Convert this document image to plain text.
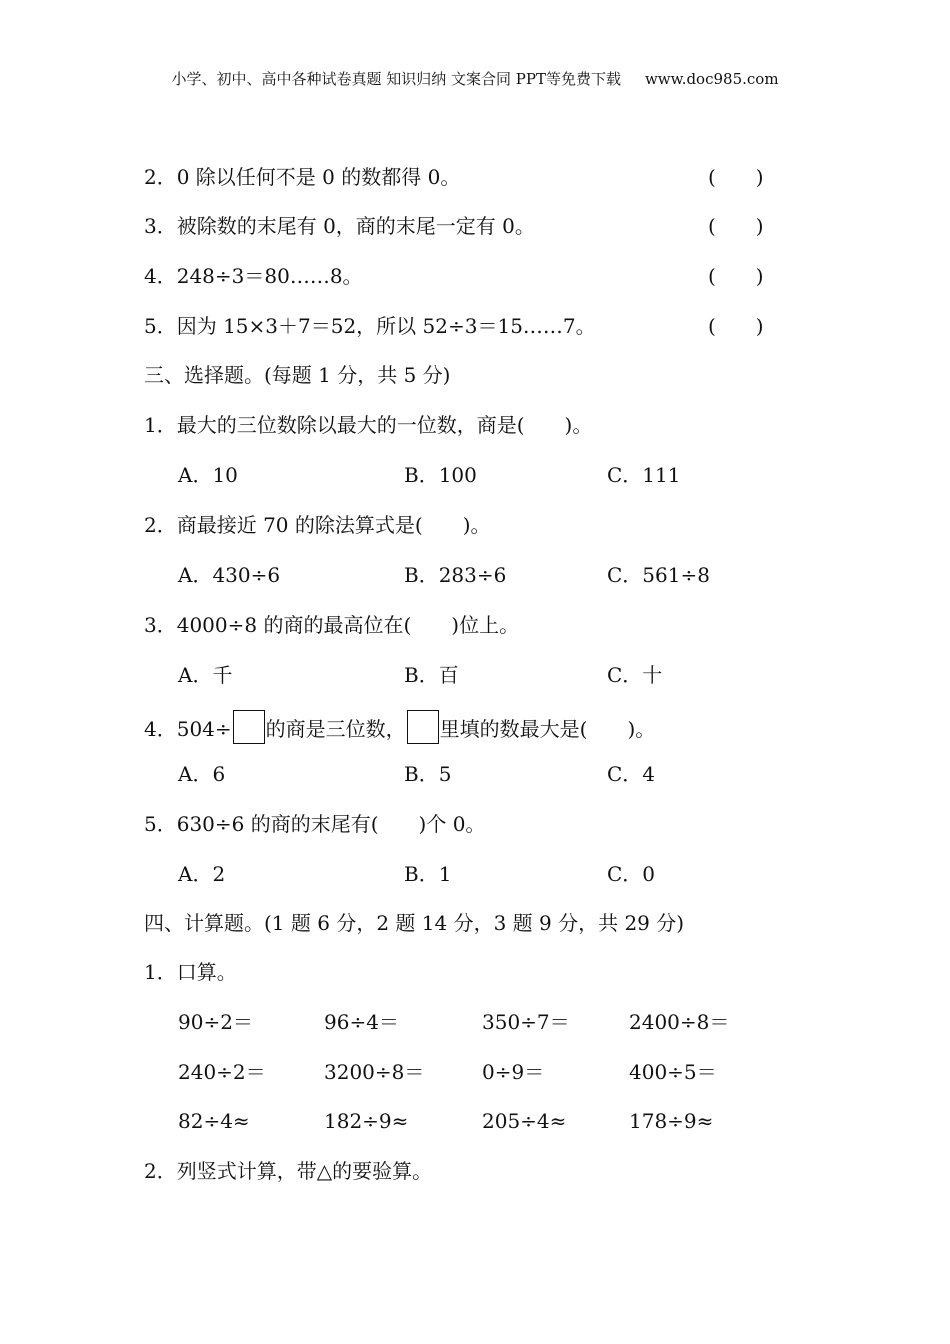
小学、初中、高中各种试卷真题 知识归纳 文案合同 PPT等免费下载 www.doc985.com
2．0 除以任何不是 0 的数都得 0。	(　　)
3．被除数的末尾有 0，商的末尾一定有 0。	(　　)
4．248÷3＝80……8。	(　　)
5．因为 15×3＋7＝52，所以 52÷3＝15……7。	(　　)
三、选择题。(每题 1 分，共 5 分)
1．最大的三位数除以最大的一位数，商是(　　)。
A．10	B．100	C．111
2．商最接近 70 的除法算式是(　　)。
A．430÷6	B．283÷6	C．561÷8
3．4000÷8 的商的最高位在(　　)位上。
A．千	B．百	C．十
4．504÷ 的商是三位数， 里填的数最大是(　　)。
A．6	B．5	C．4
5．630÷6 的商的末尾有(　　)个 0。
A．2	B．1	C．0
四、计算题。(1 题 6 分，2 题 14 分，3 题 9 分，共 29 分)
1．口算。
90÷2＝	96÷4＝	350÷7＝	2400÷8＝
240÷2＝	3200÷8＝	0÷9＝	400÷5＝
82÷4≈	182÷9≈	205÷4≈	178÷9≈
2．列竖式计算，带△的要验算。
